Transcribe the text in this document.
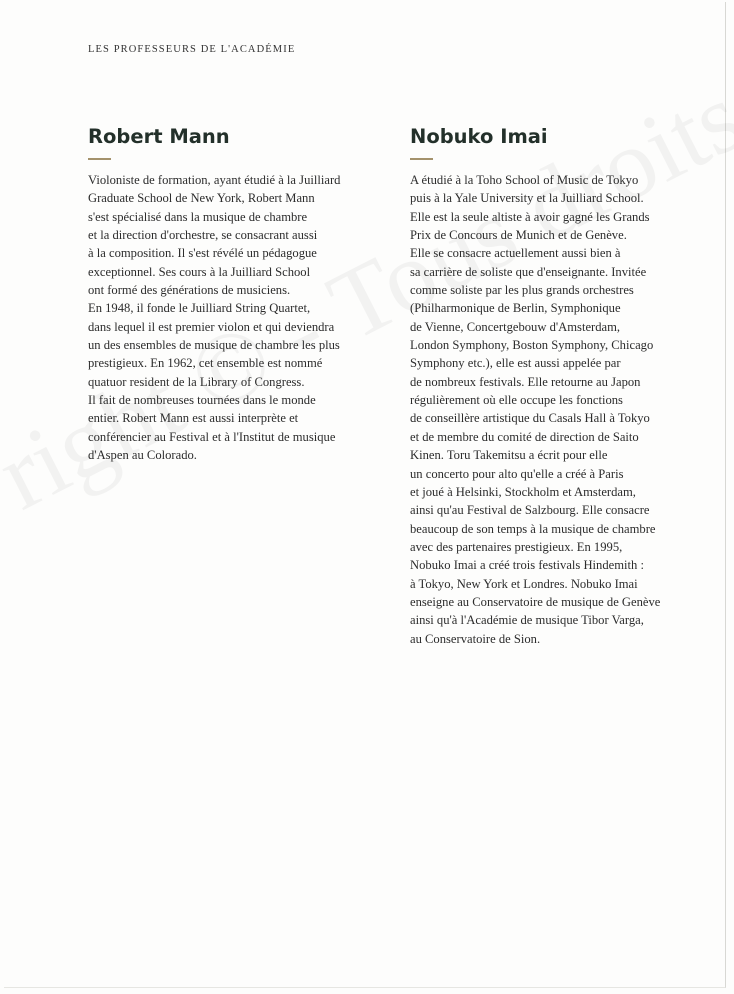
LES PROFESSEURS DE L'ACADÉMIE
Robert Mann
Violoniste de formation, ayant étudié à la Juilliard
Graduate School de New York, Robert Mann
s'est spécialisé dans la musique de chambre
et la direction d'orchestre, se consacrant aussi
à la composition. Il s'est révélé un pédagogue
exceptionnel. Ses cours à la Juilliard School
ont formé des générations de musiciens.
En 1948, il fonde le Juilliard String Quartet,
dans lequel il est premier violon et qui deviendra
un des ensembles de musique de chambre les plus
prestigieux. En 1962, cet ensemble est nommé
quatuor resident de la Library of Congress.
Il fait de nombreuses tournées dans le monde
entier. Robert Mann est aussi interprète et
conférencier au Festival et à l'Institut de musique
d'Aspen au Colorado.
Nobuko Imai
A étudié à la Toho School of Music de Tokyo
puis à la Yale University et la Juilliard School.
Elle est la seule altiste à avoir gagné les Grands
Prix de Concours de Munich et de Genève.
Elle se consacre actuellement aussi bien à
sa carrière de soliste que d'enseignante. Invitée
comme soliste par les plus grands orchestres
(Philharmonique de Berlin, Symphonique
de Vienne, Concertgebouw d'Amsterdam,
London Symphony, Boston Symphony, Chicago
Symphony etc.), elle est aussi appelée par
de nombreux festivals. Elle retourne au Japon
régulièrement où elle occupe les fonctions
de conseillère artistique du Casals Hall à Tokyo
et de membre du comité de direction de Saito
Kinen. Toru Takemitsu a écrit pour elle
un concerto pour alto qu'elle a créé à Paris
et joué à Helsinki, Stockholm et Amsterdam,
ainsi qu'au Festival de Salzbourg. Elle consacre
beaucoup de son temps à la musique de chambre
avec des partenaires prestigieux. En 1995,
Nobuko Imai a créé trois festivals Hindemith :
à Tokyo, New York et Londres. Nobuko Imai
enseigne au Conservatoire de musique de Genève
ainsi qu'à l'Académie de musique Tibor Varga,
au Conservatoire de Sion.
